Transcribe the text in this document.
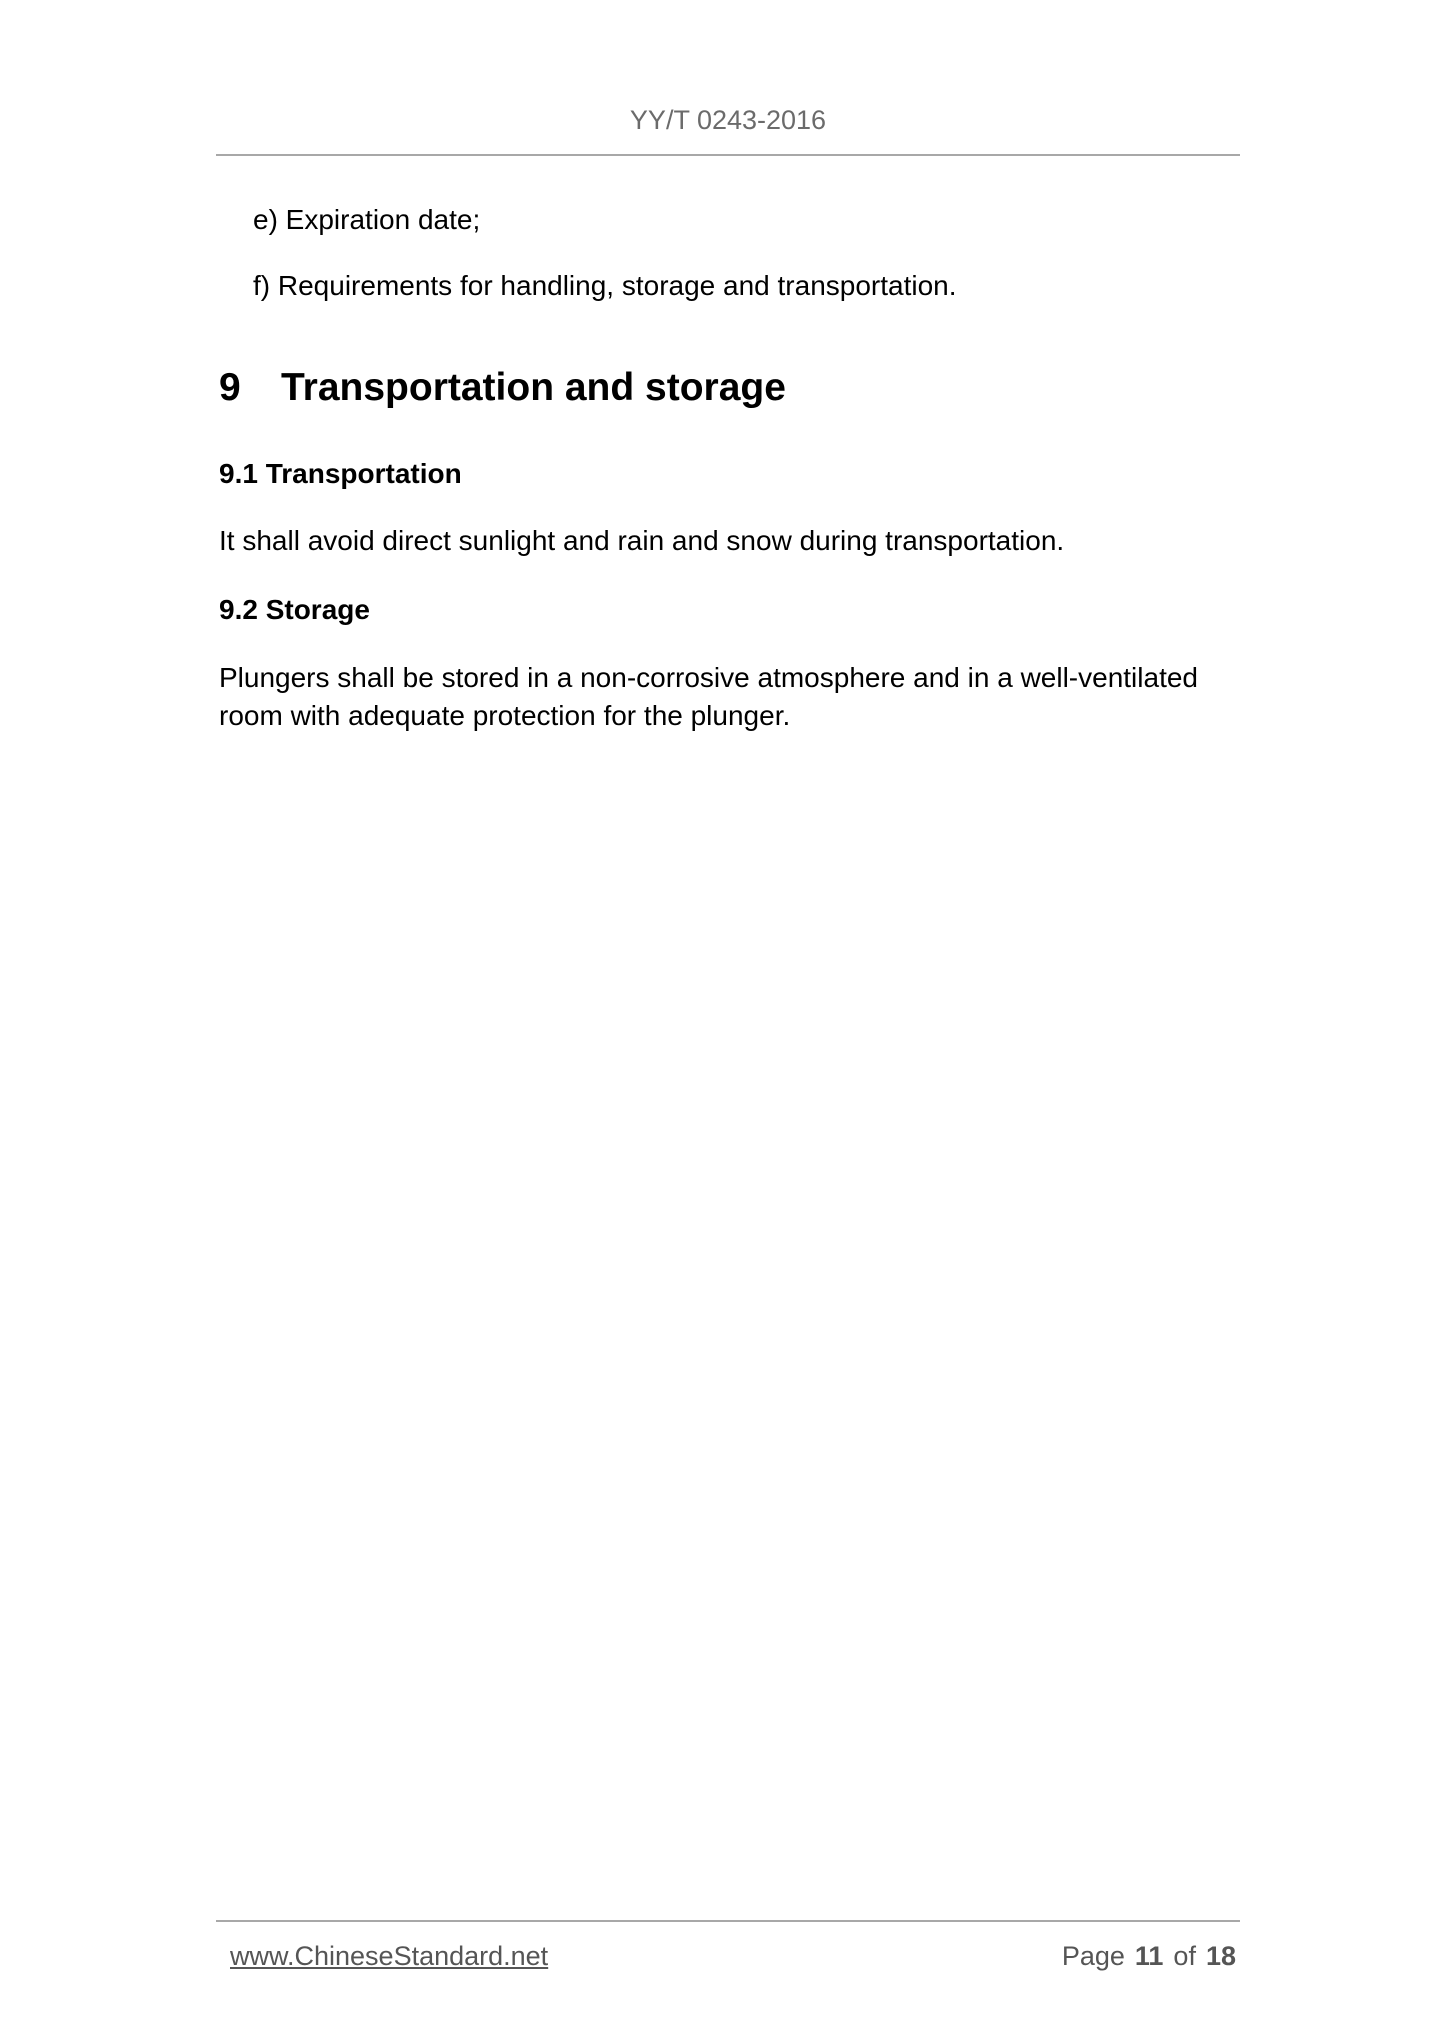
YY/T 0243-2016
e) Expiration date;
f) Requirements for handling, storage and transportation.
9 Transportation and storage
9.1 Transportation
It shall avoid direct sunlight and rain and snow during transportation.
9.2 Storage
Plungers shall be stored in a non-corrosive atmosphere and in a well-ventilated room with adequate protection for the plunger.
www.ChineseStandard.net	Page 11 of 18
